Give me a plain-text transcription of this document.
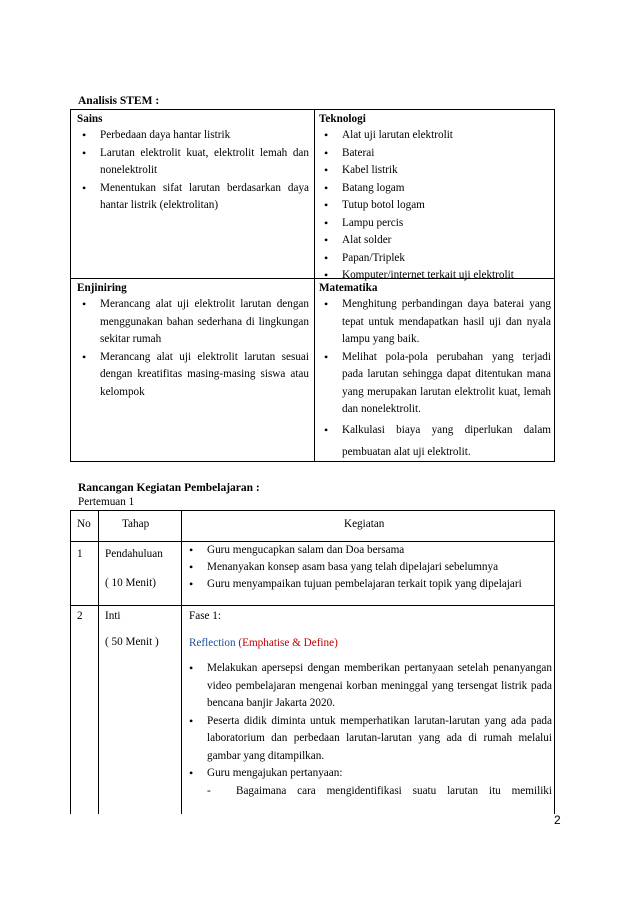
Analisis STEM :
Sains
• Perbedaan daya hantar listrik
• Larutan elektrolit kuat, elektrolit lemah dan nonelektrolit
• Menentukan sifat larutan berdasarkan daya hantar listrik (elektrolitan)
Teknologi
• Alat uji larutan elektrolit
• Baterai
• Kabel listrik
• Batang logam
• Tutup botol logam
• Lampu percis
• Alat solder
• Papan/Triplek
• Komputer/internet terkait uji elektrolit
Enjiniring
• Merancang alat uji elektrolit larutan dengan menggunakan bahan sederhana di lingkungan sekitar rumah
• Merancang alat uji elektrolit larutan sesuai dengan kreatifitas masing-masing siswa atau kelompok
Matematika
• Menghitung perbandingan daya baterai yang tepat untuk mendapatkan hasil uji dan nyala lampu yang baik.
• Melihat pola-pola perubahan yang terjadi pada larutan sehingga dapat ditentukan mana yang merupakan larutan elektrolit kuat, lemah dan nonelektrolit.
• Kalkulasi biaya yang diperlukan dalam pembuatan alat uji elektrolit.
Rancangan Kegiatan Pembelajaran :
Pertemuan 1
No	Tahap	Kegiatan
1 Pendahuluan
( 10 Menit)
• Guru mengucapkan salam dan Doa bersama
• Menanyakan konsep asam basa yang telah dipelajari sebelumnya
• Guru menyampaikan tujuan pembelajaran terkait topik yang dipelajari
2 Inti
( 50 Menit )
Fase 1:
Reflection (Emphatise & Define)
• Melakukan apersepsi dengan memberikan pertanyaan setelah penanyangan video pembelajaran mengenai korban meninggal yang tersengat listrik pada bencana banjir Jakarta 2020.
• Peserta didik diminta untuk memperhatikan larutan-larutan yang ada pada laboratorium dan perbedaan larutan-larutan yang ada di rumah melalui gambar yang ditampilkan.
• Guru mengajukan pertanyaan:
- Bagaimana cara mengidentifikasi suatu larutan itu memiliki
2
